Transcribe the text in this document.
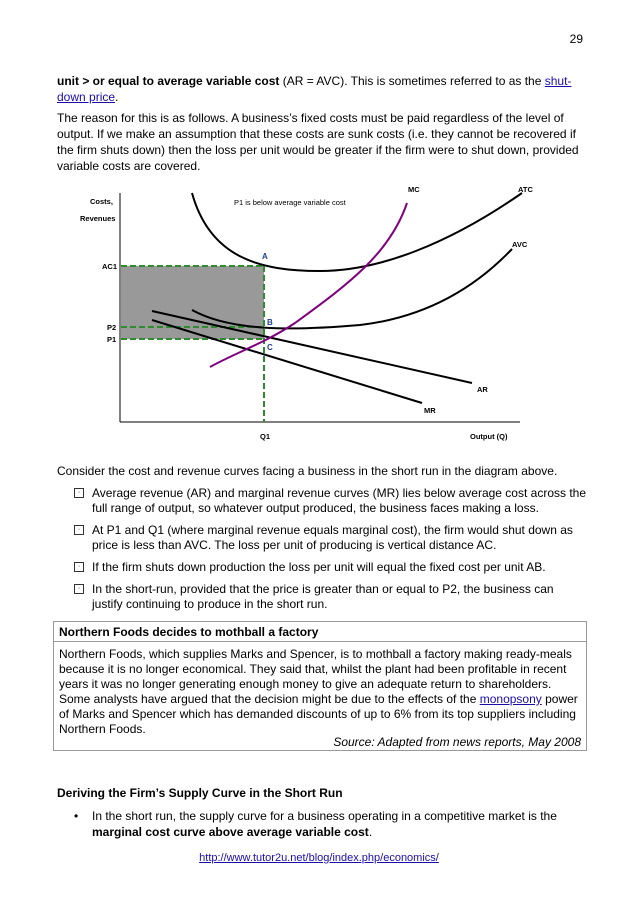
29

unit > or equal to average variable cost (AR = AVC). This is sometimes referred to as the shut-down price.

The reason for this is as follows. A business’s fixed costs must be paid regardless of the level of output. If we make an assumption that these costs are sunk costs (i.e. they cannot be recovered if the firm shuts down) then the loss per unit would be greater if the firm were to shut down, provided variable costs are covered.

Costs,
Revenues
P1 is below average variable cost
MC	ATC
AVC
AR
MR
AC1
P2
P1
Q1	Output (Q)
A
B
C

Consider the cost and revenue curves facing a business in the short run in the diagram above.

· Average revenue (AR) and marginal revenue curves (MR) lies below average cost across the full range of output, so whatever output produced, the business faces making a loss.
· At P1 and Q1 (where marginal revenue equals marginal cost), the firm would shut down as price is less than AVC. The loss per unit of producing is vertical distance AC.
· If the firm shuts down production the loss per unit will equal the fixed cost per unit AB.
· In the short-run, provided that the price is greater than or equal to P2, the business can justify continuing to produce in the short run.

Northern Foods decides to mothball a factory

Northern Foods, which supplies Marks and Spencer, is to mothball a factory making ready-meals because it is no longer economical. They said that, whilst the plant had been profitable in recent years it was no longer generating enough money to give an adequate return to shareholders. Some analysts have argued that the decision might be due to the effects of the monopsony power of Marks and Spencer which has demanded discounts of up to 6% from its top suppliers including Northern Foods.

Source: Adapted from news reports, May 2008

Deriving the Firm’s Supply Curve in the Short Run

• In the short run, the supply curve for a business operating in a competitive market is the marginal cost curve above average variable cost.
http://www.tutor2u.net/blog/index.php/economics/
